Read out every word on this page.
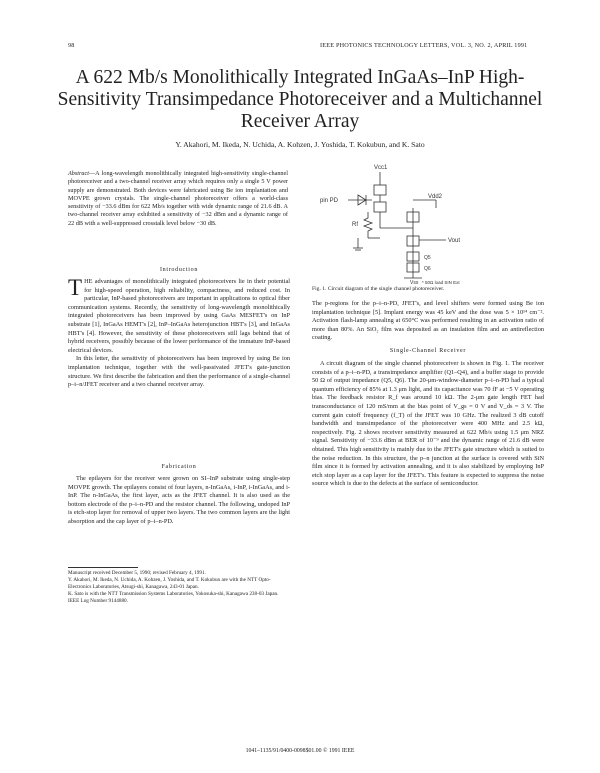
98	IEEE PHOTONICS TECHNOLOGY LETTERS, VOL. 3, NO. 2, APRIL 1991
A 622 Mb/s Monolithically Integrated InGaAs–InP High-Sensitivity Transimpedance Photoreceiver and a Multichannel Receiver Array
Y. Akahori, M. Ikeda, N. Uchida, A. Kohzen, J. Yoshida, T. Kokubun, and K. Sato
Abstract—A long-wavelength monolithically integrated high-sensitivity single-channel photoreceiver and a two-channel receiver array which requires only a single 5 V power supply are demonstrated. Both devices were fabricated using Be ion implantation and MOVPE grown crystals. The single-channel photoreceiver offers a world-class sensitivity of −33.6 dBm for 622 Mb/s together with wide dynamic range of 21.6 dB. A two-channel receiver array exhibited a sensitivity of −32 dBm and a dynamic range of 22 dB with a well-suppressed crosstalk level below −30 dB.
Introduction

THE advantages of monolithically integrated photoreceivers lie in their potential for high-speed operation, high reliability, compactness, and reduced cost. In particular, InP-based photoreceivers are important in applications to optical fiber communication systems. Recently, the sensitivity of long-wavelength monolithically integrated photoreceivers has been improved by using GaAs MESFET's on InP substrate [1], InGaAs HEMT's [2], InP–InGaAs heterojunction HBT's [3], and InGaAs HBT's [4]. However, the sensitivity of these photoreceivers still lags behind that of hybrid receivers, possibly because of the lower performance of the immature InP-based electrical devices.

In this letter, the sensitivity of photoreceivers has been improved by using Be ion implantation technique, together with the well-passivated JFET's gate-junction structure. We first describe the fabrication and then the performance of a single-channel p–i–n/JFET receiver and a two channel receiver array.

Fabrication

The epilayers for the receiver were grown on SI–InP substrate using single-step MOVPE growth. The epilayers consist of four layers, n-InGaAs, i-InP, i-InGaAs, and i-InP. The n-InGaAs, the first layer, acts as the JFET channel. It is also used as the bottom electrode of the p–i–n-PD and the resistor channel. The following, undoped InP is etch-stop layer for removal of upper two layers. The two common layers are the light absorption and the cap layer of p–i–n-PD.

Manuscript received December 5, 1990; revised February 4, 1991.
Y. Akahori, M. Ikeda, N. Uchida, A. Kohzen, J. Yoshida, and T. Kokubun are with the NTT Opto-Electronics Laboratories, Atsugi-shi, Kanagawa, 243-01 Japan.
K. Sato is with the NTT Transmission Systems Laboratories, Yokosuka-shi, Kanagawa 238-03 Japan.
IEEE Log Number 9144880.
Vcc1
pin PD
Vdd2
Rf
Vout
Q5
Q6
Vss * 50Ω load SIN Ext
Fig. 1. Circuit diagram of the single channel photoreceiver.

The p-regions for the p–i–n-PD, JFET's, and level shifters were formed using Be ion implantation technique [5]. Implant energy was 45 keV and the dose was 5 × 10¹⁴ cm⁻². Activation flash-lamp annealing at 650°C was performed resulting in an activation ratio of more than 80%. An SiO₂ film was deposited as an insulation film and an antireflection coating.

Single-Channel Receiver

A circuit diagram of the single channel photoreceiver is shown in Fig. 1. The receiver consists of a p–i–n-PD, a transimpedance amplifier (Q1–Q4), and a buffer stage to provide 50 Ω of output impedance (Q5, Q6). The 20-μm-window-diameter p–i–n-PD had a typical quantum efficiency of 85% at 1.3 μm light, and its capacitance was 70 fF at −5 V operating bias. The feedback resistor R_f was around 10 kΩ. The 2-μm gate length FET had transconductance of 120 mS/mm at the bias point of V_gs = 0 V and V_ds = 3 V. The current gain cutoff frequency (f_T) of the JFET was 10 GHz. The realized 3 dB cutoff bandwidth and transimpedance of the photoreceiver were 400 MHz and 2.5 kΩ, respectively. Fig. 2 shows receiver sensitivity measured at 622 Mb/s using 1.5 μm NRZ signal. Sensitivity of −33.6 dBm at BER of 10⁻⁹ and the dynamic range of 21.6 dB were obtained. This high sensitivity is mainly due to the JFET's gate structure which is suited to the noise reduction. In this structure, the p–n junction at the surface is covered with SiN film since it is formed by activation annealing, and it is also stabilized by employing InP etch stop layer as a cap layer for the JFET's. This feature is expected to suppress the noise source which is due to the defects at the surface of semiconductor.

1041–1135/91/0400-0098$01.00 © 1991 IEEE
